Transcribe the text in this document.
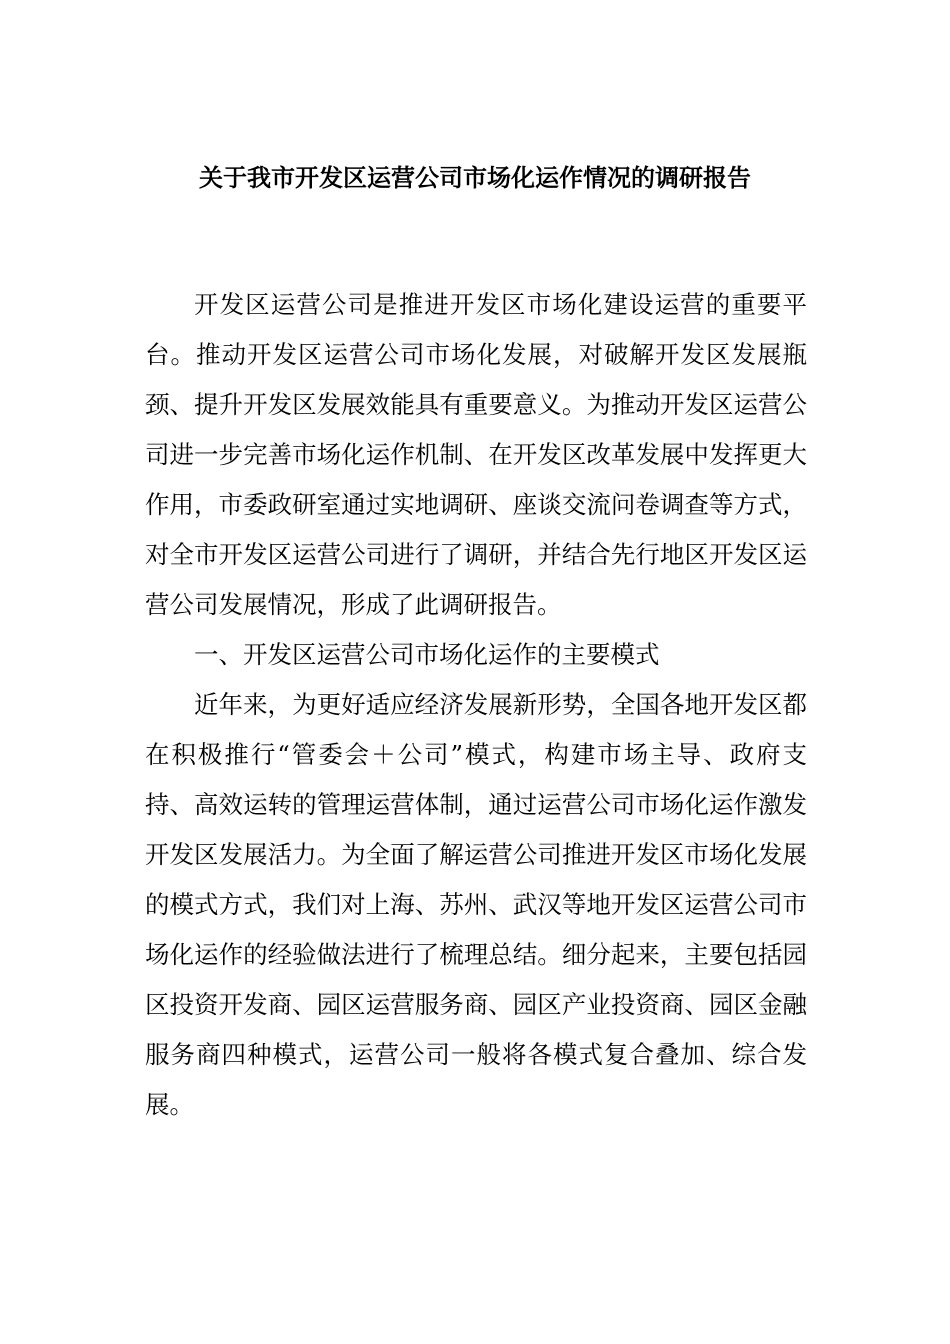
关于我市开发区运营公司市场化运作情况的调研报告

开发区运营公司是推进开发区市场化建设运营的重要平台。推动开发区运营公司市场化发展，对破解开发区发展瓶颈、提升开发区发展效能具有重要意义。为推动开发区运营公司进一步完善市场化运作机制、在开发区改革发展中发挥更大作用，市委政研室通过实地调研、座谈交流问卷调查等方式，对全市开发区运营公司进行了调研，并结合先行地区开发区运营公司发展情况，形成了此调研报告。

一、开发区运营公司市场化运作的主要模式

近年来，为更好适应经济发展新形势，全国各地开发区都在积极推行“管委会＋公司”模式，构建市场主导、政府支持、高效运转的管理运营体制，通过运营公司市场化运作激发开发区发展活力。为全面了解运营公司推进开发区市场化发展的模式方式，我们对上海、苏州、武汉等地开发区运营公司市场化运作的经验做法进行了梳理总结。细分起来，主要包括园区投资开发商、园区运营服务商、园区产业投资商、园区金融服务商四种模式，运营公司一般将各模式复合叠加、综合发展。
